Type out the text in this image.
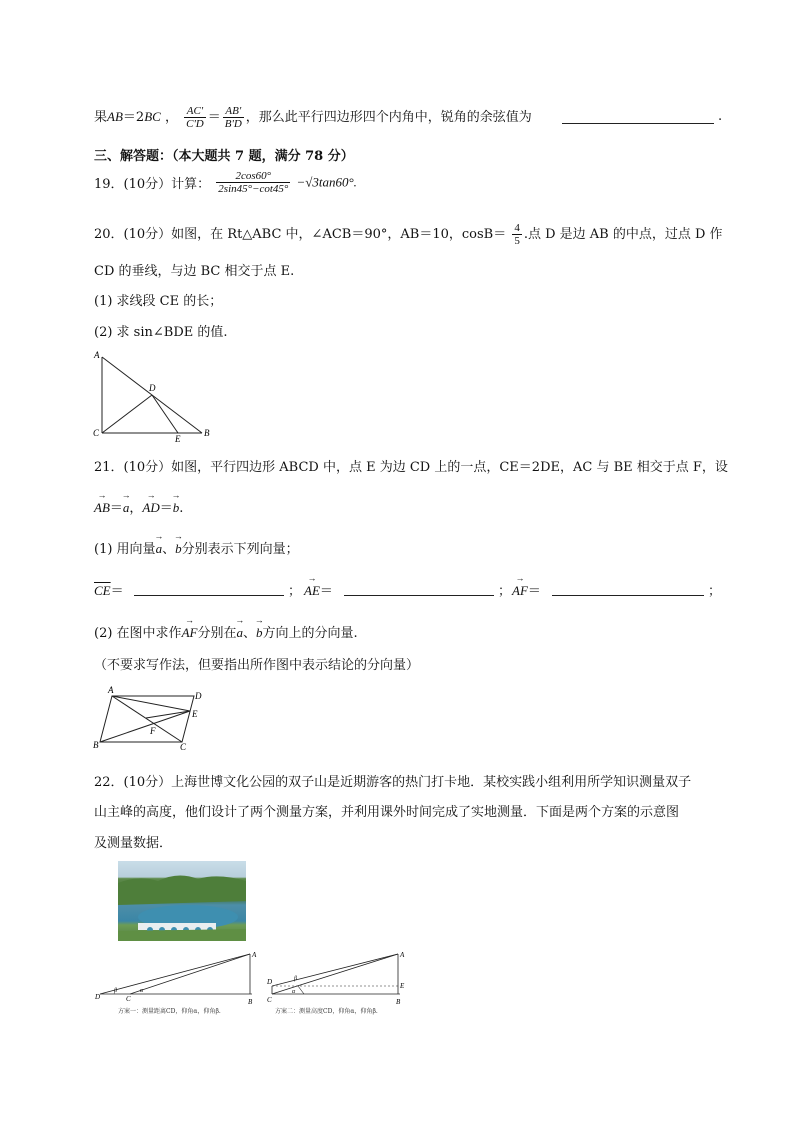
果AB＝2BC ， $\frac{AC'}{C'D} = \frac{AB'}{B'D}$ ，那么此平行四边形四个内角中，锐角的余弦值为	.
三、解答题：（本大题共 7 题，满分 78 分）
19．(10分）计算： $\frac{2\cos 60^\circ}{2\sin 45^\circ-\cot 45^\circ} -√3\tan 60^\circ$.
20．(10分）如图，在 Rt△ABC 中，∠ACB＝90°，AB＝10，$\cos B= \frac{4}{5}$ .点 D 是边 AB 的中点，过点 D 作
CD 的垂线，与边 BC 相交于点 E.
(1) 求线段 CE 的长；
(2) 求 sin∠BDE 的值.
A
C	B
D
E
21．(10分）如图，平行四边形 ABCD 中，点 E 为边 CD 上的一点，CE＝2DE，AC 与 BE 相交于点 F，设
→ AB＝→ a，→ AD＝→ b.
(1) 用向量→ a、→ b分别表示下列向量；
$\overline{CE}=$	； → AE＝	； → AF＝	；
(2) 在图中求作→ AF分别在→ a、→ b方向上的分向量.
（不要求写作法，但要指出所作图中表示结论的分向量）
A
D
E
B	C
F
22．(10分）上海世博文化公园的双子山是近期游客的热门打卡地．某校实践小组利用所学知识测量双子
山主峰的高度，他们设计了两个测量方案，并利用课外时间完成了实地测量．下面是两个方案的示意图
及测量数据．
D	C
A
B
β	α
方案一：测量距离CD，仰角α，仰角β.
D
C
A
E
B
β
α
方案二：测量高度CD，仰角α，仰角β.
